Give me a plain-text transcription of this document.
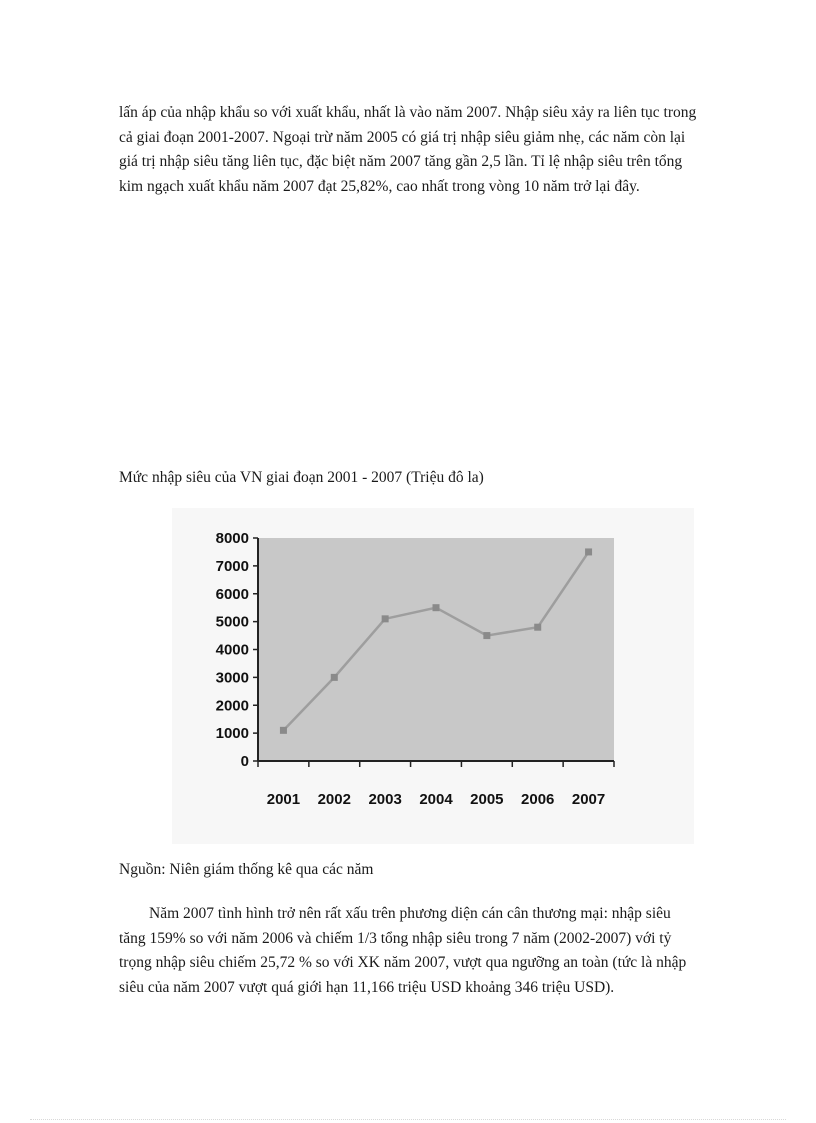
lấn áp của nhập khẩu so với xuất khẩu, nhất là vào năm 2007. Nhập siêu xảy ra liên tục trong cả giai đoạn 2001-2007. Ngoại trừ năm 2005 có giá trị nhập siêu giảm nhẹ, các năm còn lại giá trị nhập siêu tăng liên tục, đặc biệt năm 2007 tăng gần 2,5 lần. Tỉ lệ nhập siêu trên tổng kim ngạch xuất khẩu năm 2007 đạt 25,82%, cao nhất trong vòng 10 năm trở lại đây.

Mức nhập siêu của VN giai đoạn 2001 - 2007 (Triệu đô la)

0
1000
2000
3000
4000
5000
6000
7000
8000
2001 2002 2003 2004 2005 2006 2007

Nguồn: Niên giám thống kê qua các năm

Năm 2007 tình hình trở nên rất xấu trên phương diện cán cân thương mại: nhập siêu tăng 159% so với năm 2006 và chiếm 1/3 tổng nhập siêu trong 7 năm (2002-2007) với tỷ trọng nhập siêu chiếm 25,72 % so với XK năm 2007, vượt qua ngưỡng an toàn (tức là nhập siêu của năm 2007 vượt quá giới hạn 11,166 triệu USD khoảng 346 triệu USD).
